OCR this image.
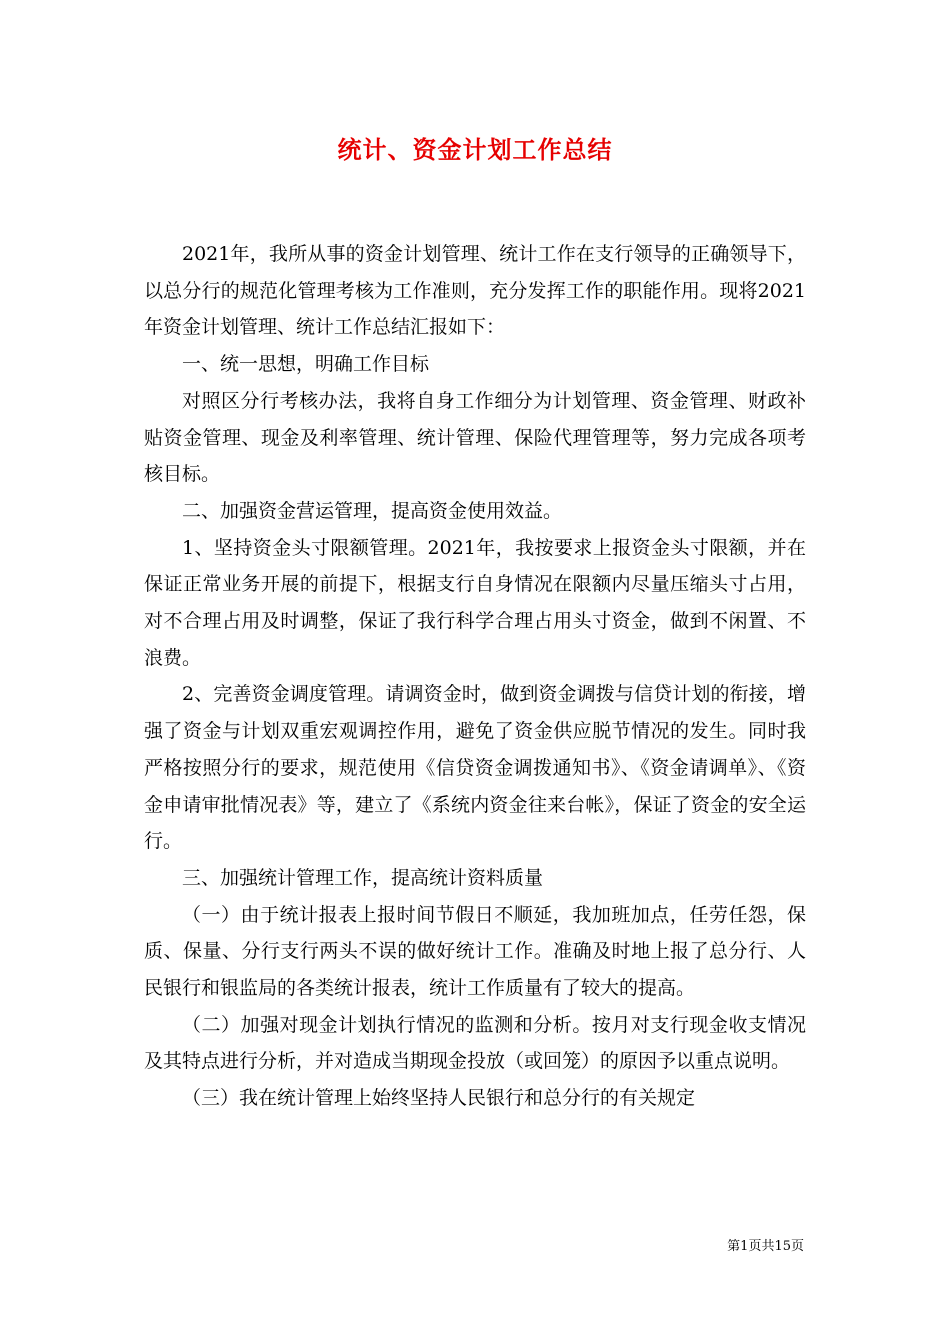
统计、资金计划工作总结

2021年，我所从事的资金计划管理、统计工作在支行领导的正确领导下，以总分行的规范化管理考核为工作准则，充分发挥工作的职能作用。现将2021年资金计划管理、统计工作总结汇报如下：

一、统一思想，明确工作目标

对照区分行考核办法，我将自身工作细分为计划管理、资金管理、财政补贴资金管理、现金及利率管理、统计管理、保险代理管理等，努力完成各项考核目标。

二、加强资金营运管理，提高资金使用效益。

1、坚持资金头寸限额管理。2021年，我按要求上报资金头寸限额，并在保证正常业务开展的前提下，根据支行自身情况在限额内尽量压缩头寸占用，对不合理占用及时调整，保证了我行科学合理占用头寸资金，做到不闲置、不浪费。

2、完善资金调度管理。请调资金时，做到资金调拨与信贷计划的衔接，增强了资金与计划双重宏观调控作用，避免了资金供应脱节情况的发生。同时我严格按照分行的要求，规范使用《信贷资金调拨通知书》、《资金请调单》、《资金申请审批情况表》等，建立了《系统内资金往来台帐》，保证了资金的安全运行。

三、加强统计管理工作，提高统计资料质量

（一）由于统计报表上报时间节假日不顺延，我加班加点，任劳任怨，保质、保量、分行支行两头不误的做好统计工作。准确及时地上报了总分行、人民银行和银监局的各类统计报表，统计工作质量有了较大的提高。

（二）加强对现金计划执行情况的监测和分析。按月对支行现金收支情况及其特点进行分析，并对造成当期现金投放（或回笼）的原因予以重点说明。

（三）我在统计管理上始终坚持人民银行和总分行的有关规定

第1页共15页
